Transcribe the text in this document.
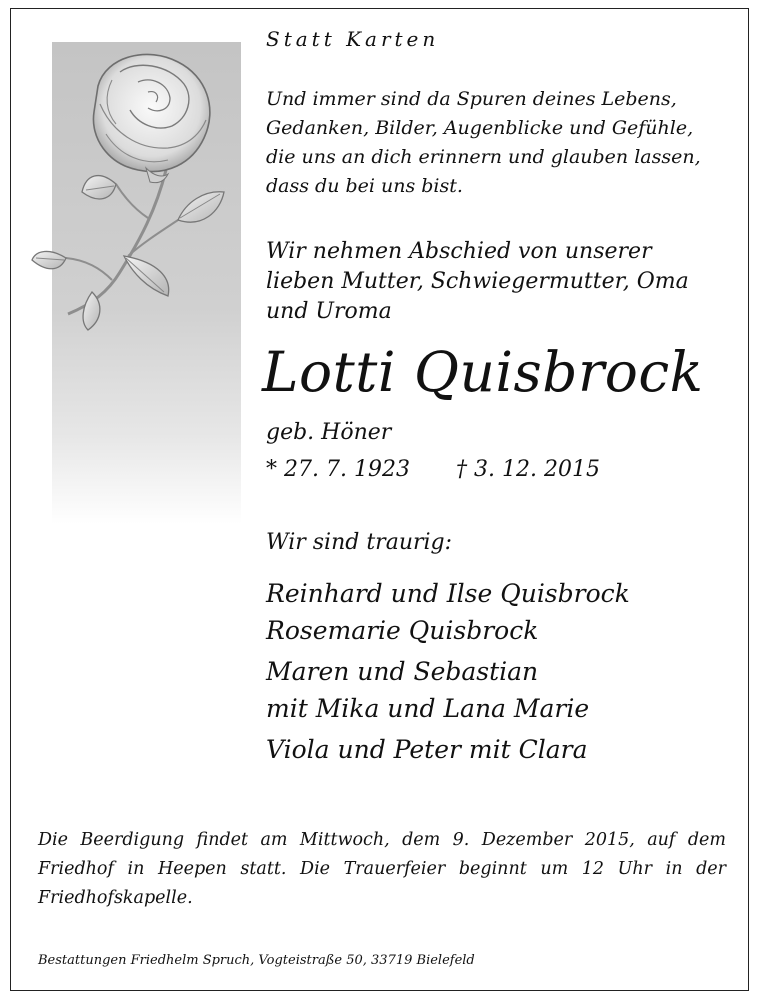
Statt Karten
Und immer sind da Spuren deines Lebens,
Gedanken, Bilder, Augenblicke und Gefühle,
die uns an dich erinnern und glauben lassen,
dass du bei uns bist.
Wir nehmen Abschied von unserer
lieben Mutter, Schwiegermutter, Oma
und Uroma
Lotti Quisbrock
geb. Höner
* 27. 7. 1923 † 3. 12. 2015
Wir sind traurig:
Reinhard und Ilse Quisbrock
Rosemarie Quisbrock
Maren und Sebastian
mit Mika und Lana Marie
Viola und Peter mit Clara
Die Beerdigung findet am Mittwoch, dem 9. Dezember 2015, auf dem Friedhof in Heepen statt. Die Trauerfeier beginnt um 12 Uhr in der Friedhofskapelle.
Bestattungen Friedhelm Spruch, Vogteistraße 50, 33719 Bielefeld
